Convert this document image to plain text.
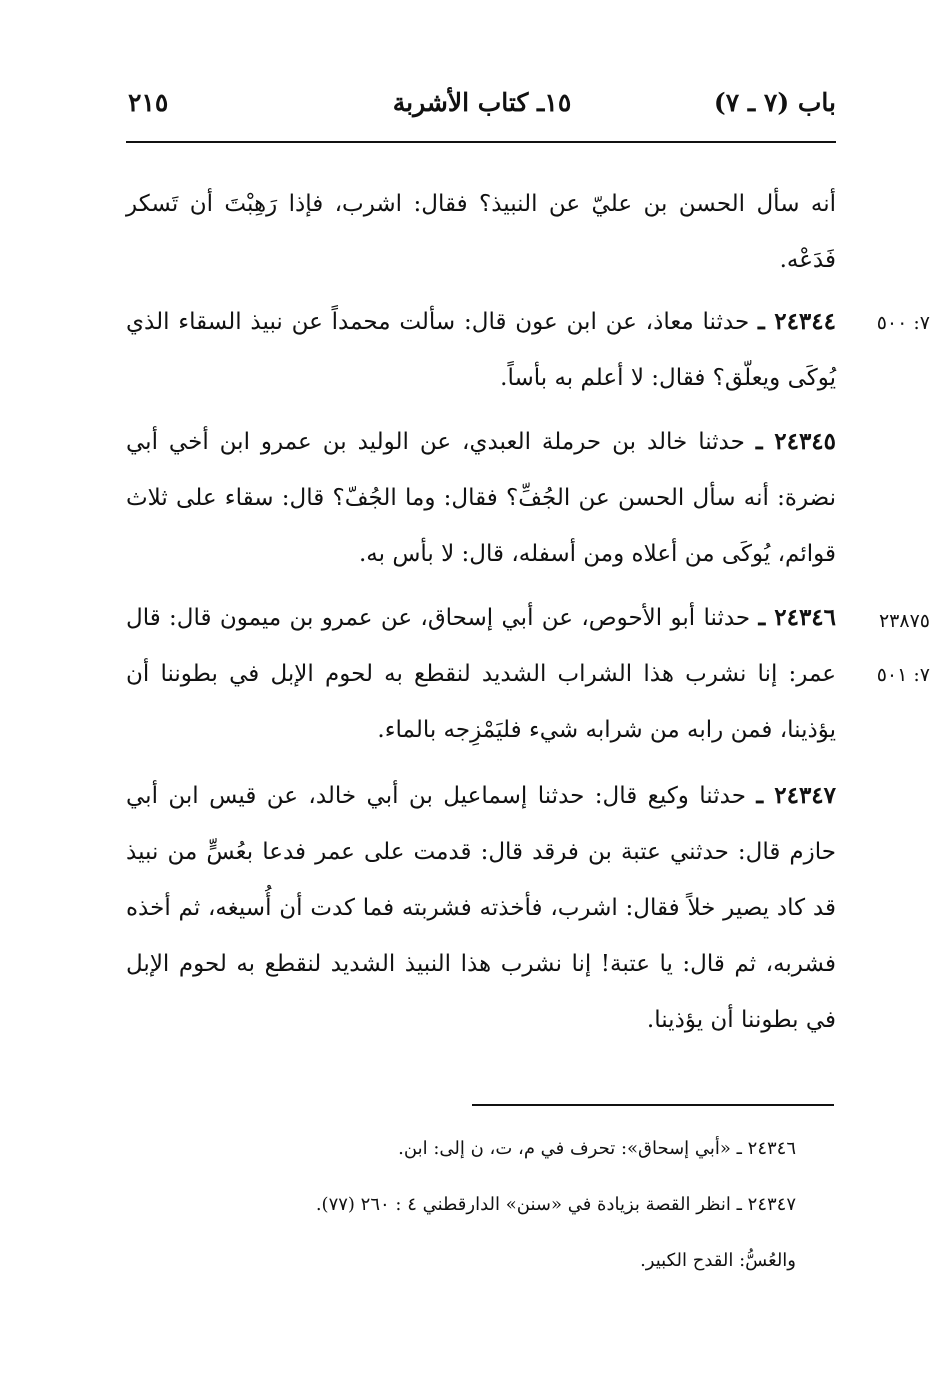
باب (٧ ـ ٧)
١٥ـ كتاب الأشربة
٢١٥
أنه سأل الحسن بن عليّ عن النبيذ؟ فقال: اشرب، فإذا رَهِبْتَ أن تَسكر فَدَعْه.
٢٤٣٤٤ ـ حدثنا معاذ، عن ابن عون قال: سألت محمداً عن نبيذ السقاء الذي يُوكَى ويعلّق؟ فقال: لا أعلم به بأساً.
٢٤٣٤٥ ـ حدثنا خالد بن حرملة العبدي، عن الوليد بن عمرو ابن أخي أبي نضرة: أنه سأل الحسن عن الجُفِّ؟ فقال: وما الجُفّ؟ قال: سقاء على ثلاث قوائم، يُوكَى من أعلاه ومن أسفله، قال: لا بأس به.
٢٤٣٤٦ ـ حدثنا أبو الأحوص، عن أبي إسحاق، عن عمرو بن ميمون قال: قال عمر: إنا نشرب هذا الشراب الشديد لنقطع به لحوم الإبل في بطوننا أن يؤذينا، فمن رابه من شرابه شيء فليَمْزِجه بالماء.
٢٤٣٤٧ ـ حدثنا وكيع قال: حدثنا إسماعيل بن أبي خالد، عن قيس ابن أبي حازم قال: حدثني عتبة بن فرقد قال: قدمت على عمر فدعا بعُسٍّ من نبيذ قد كاد يصير خلاً فقال: اشرب، فأخذته فشربته فما كدت أن أُسيغه، ثم أخذه فشربه، ثم قال: يا عتبة! إنا نشرب هذا النبيذ الشديد لنقطع به لحوم الإبل في بطوننا أن يؤذينا.
٧: ٥٠٠
٢٣٨٧٥
٧: ٥٠١
٢٤٣٤٦ ـ «أبي إسحاق»: تحرف في م، ت، ن إلى: ابن.
٢٤٣٤٧ ـ انظر القصة بزيادة في «سنن» الدارقطني ٤ : ٢٦٠ (٧٧).
والعُسُّ: القدح الكبير.
